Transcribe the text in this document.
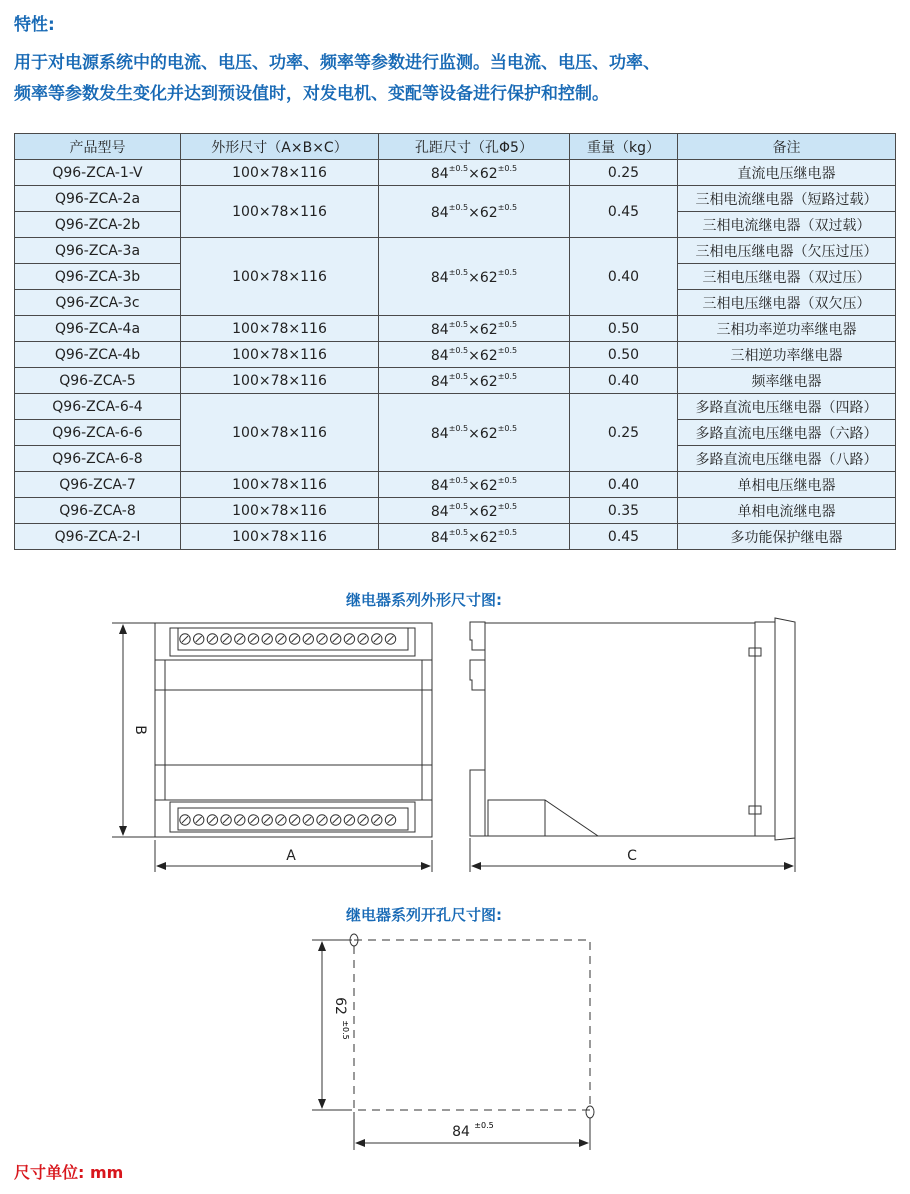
特性:
用于对电源系统中的电流、电压、功率、频率等参数进行监测。当电流、电压、功率、
频率等参数发生变化并达到预设值时，对发电机、变配等设备进行保护和控制。
产品型号	外形尺寸（A×B×C）	孔距尺寸（孔Φ5）	重量（kg）	备注
Q96-ZCA-1-V	100×78×116	$84^{\pm 0.5}\times 62^{\pm 0.5}$	0.25	直流电压继电器
Q96-ZCA-2a	100×78×116	$84^{\pm 0.5}\times 62^{\pm 0.5}$	0.45	三相电流继电器（短路过载）
Q96-ZCA-2b				三相电流继电器（双过载）
Q96-ZCA-3a	100×78×116	$84^{\pm 0.5}\times 62^{\pm 0.5}$	0.40	三相电压继电器（欠压过压）
Q96-ZCA-3b				三相电压继电器（双过压）
Q96-ZCA-3c				三相电压继电器（双欠压）
Q96-ZCA-4a	100×78×116	$84^{\pm 0.5}\times 62^{\pm 0.5}$	0.50	三相功率逆功率继电器
Q96-ZCA-4b	100×78×116	$84^{\pm 0.5}\times 62^{\pm 0.5}$	0.50	三相逆功率继电器
Q96-ZCA-5	100×78×116	$84^{\pm 0.5}\times 62^{\pm 0.5}$	0.40	频率继电器
Q96-ZCA-6-4	100×78×116	$84^{\pm 0.5}\times 62^{\pm 0.5}$	0.25	多路直流电压继电器（四路）
Q96-ZCA-6-6				多路直流电压继电器（六路）
Q96-ZCA-6-8				多路直流电压继电器（八路）
Q96-ZCA-7	100×78×116	$84^{\pm 0.5}\times 62^{\pm 0.5}$	0.40	单相电压继电器
Q96-ZCA-8	100×78×116	$84^{\pm 0.5}\times 62^{\pm 0.5}$	0.35	单相电流继电器
Q96-ZCA-2-Ⅰ	100×78×116	$84^{\pm 0.5}\times 62^{\pm 0.5}$	0.45	多功能保护继电器
继电器系列外形尺寸图:
继电器系列开孔尺寸图:
A
B
C
62
±0.5
84 ±0.5
尺寸单位: mm
